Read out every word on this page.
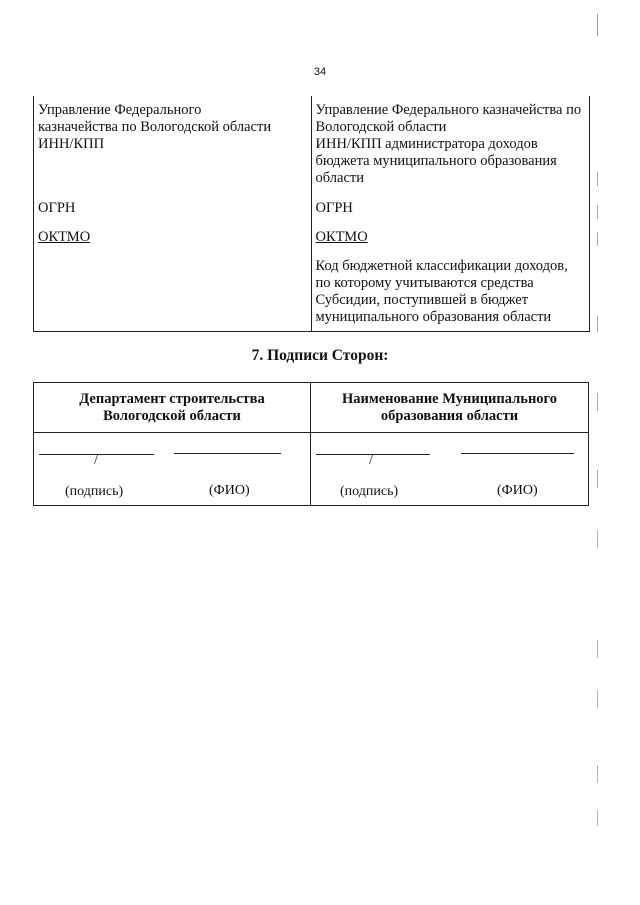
34
Управление Федерального
казначейства по Вологодской области
ИНН/КПП
ОГРН
ОКТМО
Управление Федерального казначейства по
Вологодской области
ИНН/КПП администратора доходов
бюджета муниципального образования
области
ОГРН
ОКТМО
Код бюджетной классификации доходов,
по которому учитываются средства
Субсидии, поступившей в бюджет
муниципального образования области
7. Подписи Сторон:
Департамент строительства
Вологодской области
Наименование Муниципального
образования области
/
(подпись)	(ФИО)
/
(подпись)	(ФИО)
